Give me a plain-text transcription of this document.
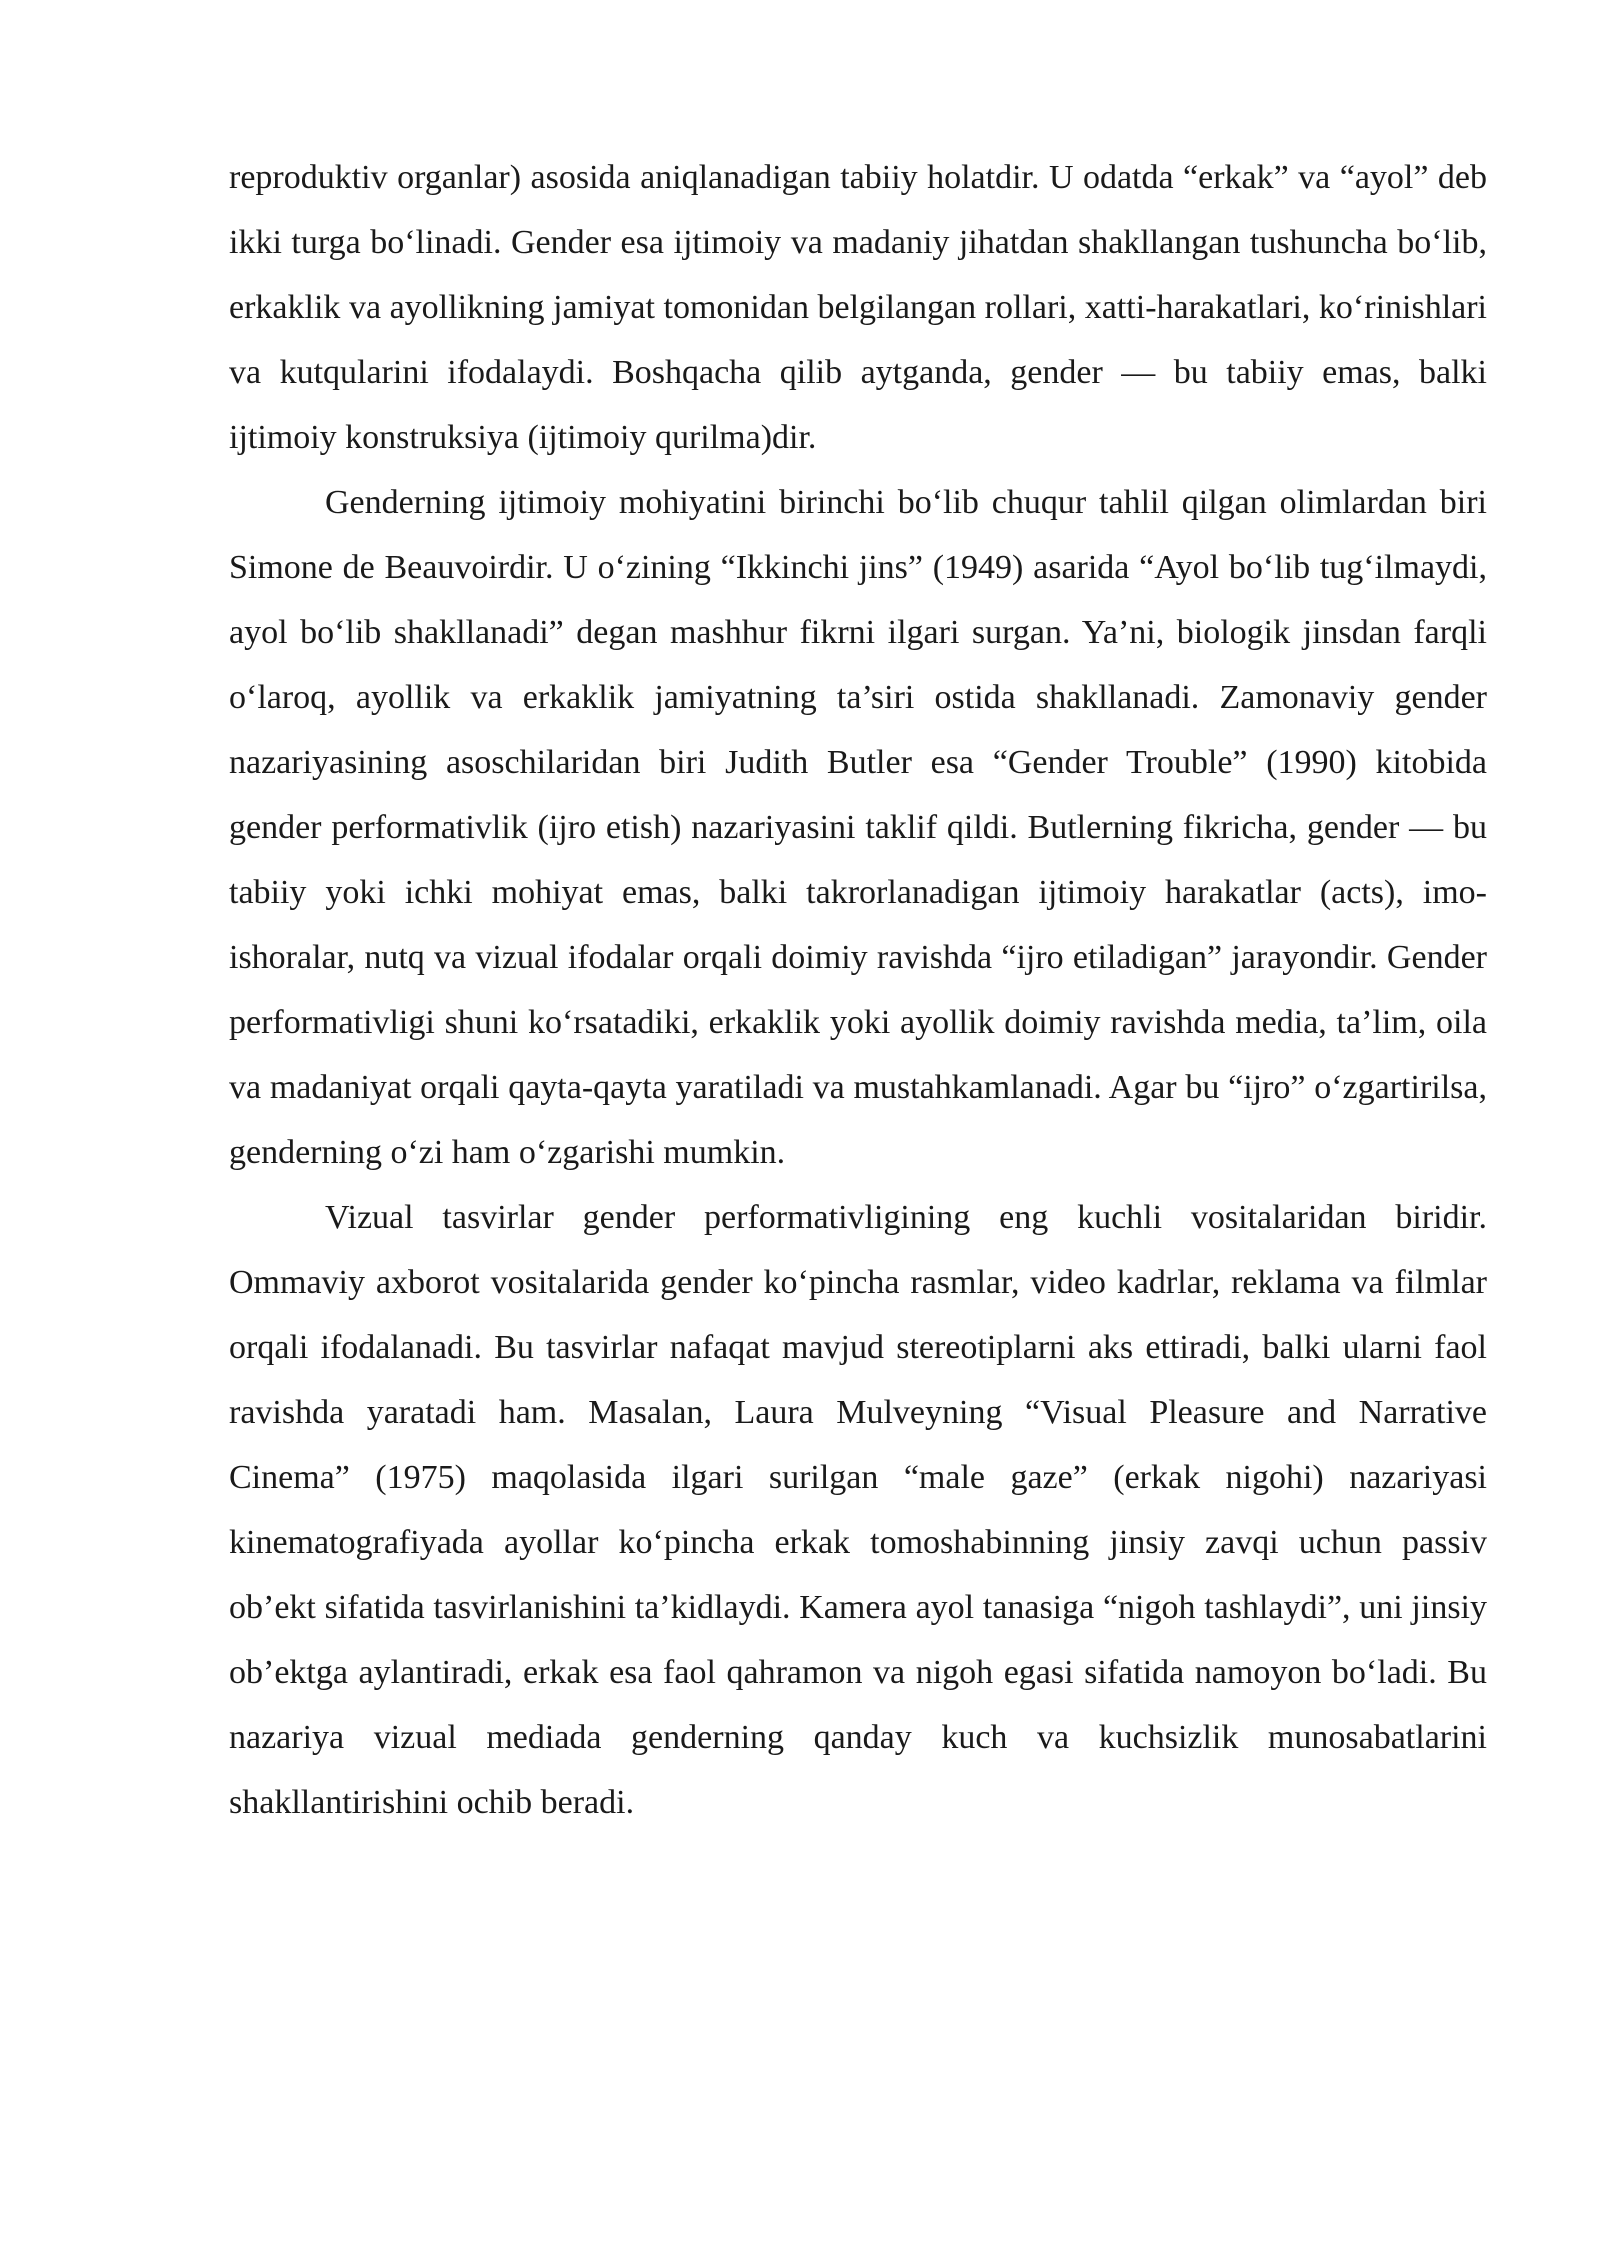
reproduktiv organlar) asosida aniqlanadigan tabiiy holatdir. U odatda “erkak” va “ayol” deb ikki turga bo‘linadi. Gender esa ijtimoiy va madaniy jihatdan shakllangan tushuncha bo‘lib, erkaklik va ayollikning jamiyat tomonidan belgilangan rollari, xatti-harakatlari, ko‘rinishlari va kutqularini ifodalaydi. Boshqacha qilib aytganda, gender — bu tabiiy emas, balki ijtimoiy konstruksiya (ijtimoiy qurilma)dir.

Genderning ijtimoiy mohiyatini birinchi bo‘lib chuqur tahlil qilgan olimlardan biri Simone de Beauvoirdir. U o‘zining “Ikkinchi jins” (1949) asarida “Ayol bo‘lib tug‘ilmaydi, ayol bo‘lib shakllanadi” degan mashhur fikrni ilgari surgan. Ya’ni, biologik jinsdan farqli o‘laroq, ayollik va erkaklik jamiyatning ta’siri ostida shakllanadi. Zamonaviy gender nazariyasining asoschilaridan biri Judith Butler esa “Gender Trouble” (1990) kitobida gender performativlik (ijro etish) nazariyasini taklif qildi. Butlerning fikricha, gender — bu tabiiy yoki ichki mohiyat emas, balki takrorlanadigan ijtimoiy harakatlar (acts), imo-ishoralar, nutq va vizual ifodalar orqali doimiy ravishda “ijro etiladigan” jarayondir. Gender performativligi shuni ko‘rsatadiki, erkaklik yoki ayollik doimiy ravishda media, ta’lim, oila va madaniyat orqali qayta-qayta yaratiladi va mustahkamlanadi. Agar bu “ijro” o‘zgartirilsa, genderning o‘zi ham o‘zgarishi mumkin.

Vizual tasvirlar gender performativligining eng kuchli vositalaridan biridir. Ommaviy axborot vositalarida gender ko‘pincha rasmlar, video kadrlar, reklama va filmlar orqali ifodalanadi. Bu tasvirlar nafaqat mavjud stereotiplarni aks ettiradi, balki ularni faol ravishda yaratadi ham. Masalan, Laura Mulveyning “Visual Pleasure and Narrative Cinema” (1975) maqolasida ilgari surilgan “male gaze” (erkak nigohi) nazariyasi kinematografiyada ayollar ko‘pincha erkak tomoshabinning jinsiy zavqi uchun passiv ob’ekt sifatida tasvirlanishini ta’kidlaydi. Kamera ayol tanasiga “nigoh tashlaydi”, uni jinsiy ob’ektga aylantiradi, erkak esa faol qahramon va nigoh egasi sifatida namoyon bo‘ladi. Bu nazariya vizual mediada genderning qanday kuch va kuchsizlik munosabatlarini shakllantirishini ochib beradi.
